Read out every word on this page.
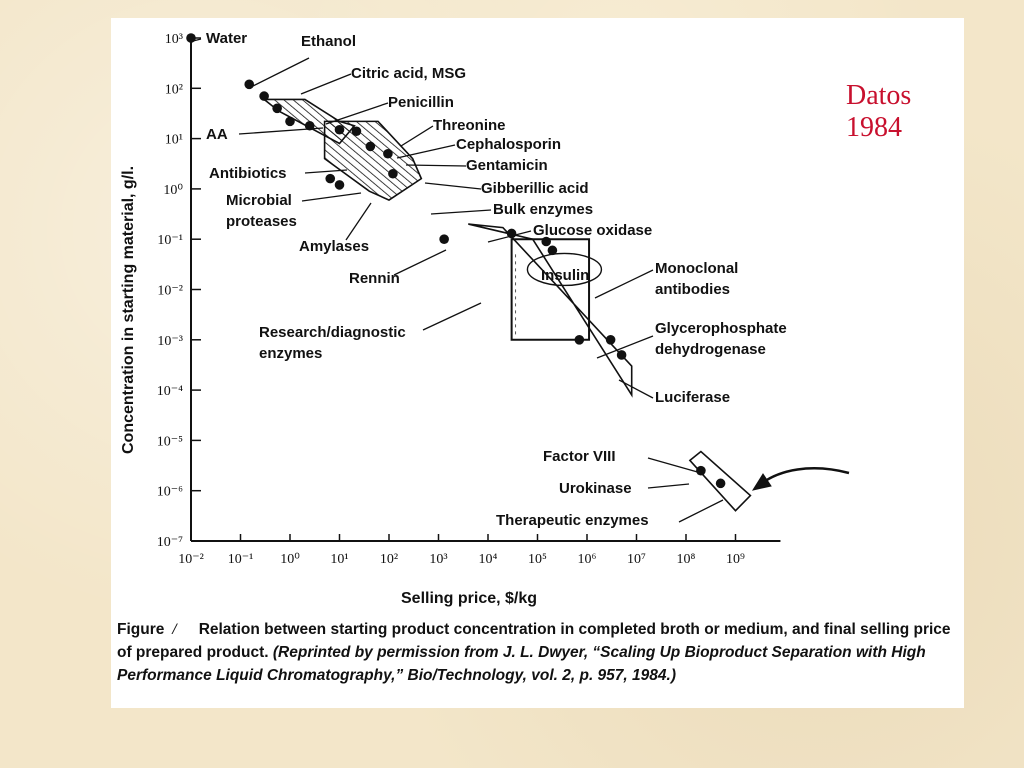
10⁻² 10⁻¹ 10⁰ 10¹ 10² 10³ 10⁴ 10⁵ 10⁶ 10⁷ 10⁸ 10⁹
10³
10²
10¹
10⁰
10⁻¹
10⁻²
10⁻³
10⁻⁴
10⁻⁵
10⁻⁶
10⁻⁷
Water	Ethanol
Citric acid, MSG
Penicillin
AA
Threonine
Cephalosporin
Gentamicin
Antibiotics
Gibberillic acid
Microbial
proteases
Bulk enzymes
Glucose oxidase
Amylases
Rennin	Insulin	Monoclonal
antibodies
Research/diagnostic
enzymes
Glycerophosphate
dehydrogenase
Luciferase
Factor VIII
Urokinase
Therapeutic enzymes
Selling price, $/kg
Concentration in starting material, g/l.
Datos 1984

Figure / Relation between starting product concentration in completed broth or medium, and final selling price of prepared product. (Reprinted by permission from J. L. Dwyer, “Scaling Up Bioproduct Separation with High Performance Liquid Chromatography,” Bio/Technology, vol. 2, p. 957, 1984.)
